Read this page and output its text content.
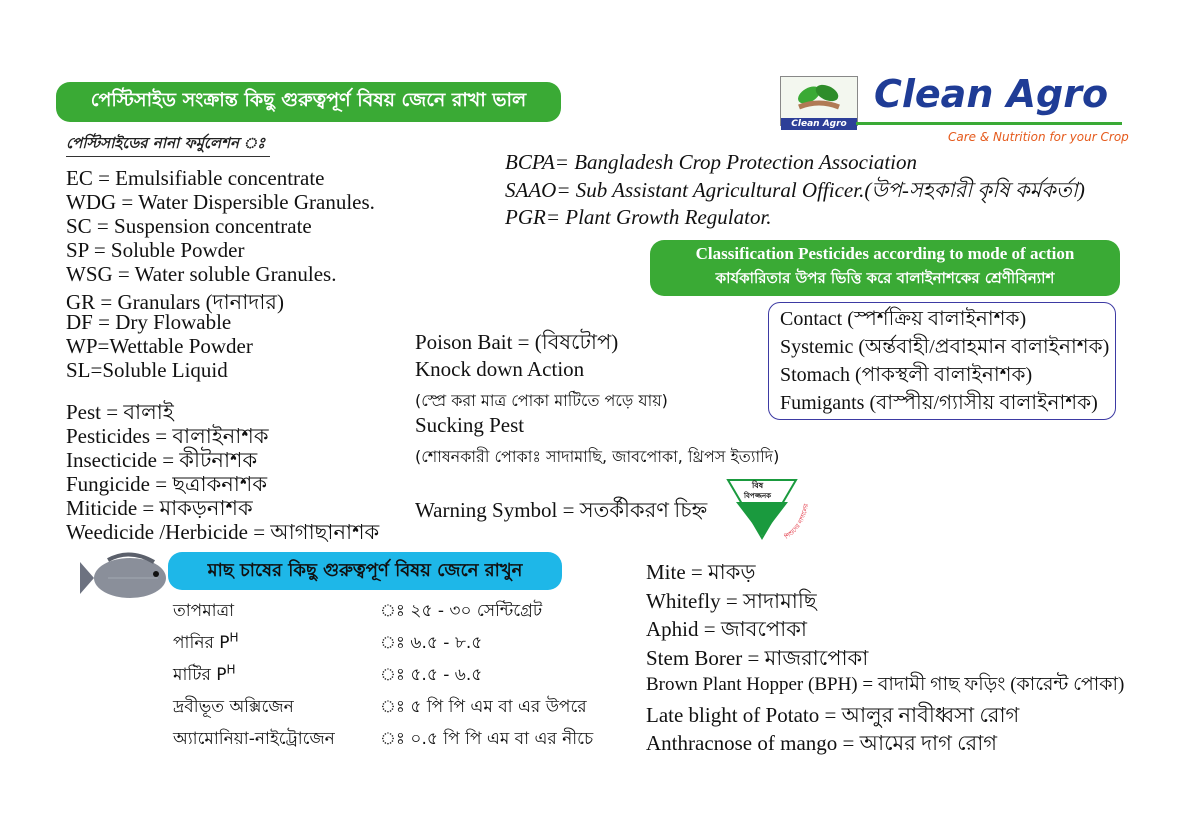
পেস্টিসাইড সংক্রান্ত কিছু গুরুত্বপূর্ণ বিষয় জেনে রাখা ভাল
পেস্টিসাইডের নানা ফর্মুলেশন ঃ
EC = Emulsifiable concentrate
WDG = Water Dispersible Granules.
SC = Suspension concentrate
SP = Soluble Powder
WSG = Water soluble Granules.
GR = Granulars (দানাদার)
DF = Dry Flowable
WP=Wettable Powder
SL=Soluble Liquid
Pest = বালাই
Pesticides = বালাইনাশক
Insecticide = কীটনাশক
Fungicide = ছত্রাকনাশক
Miticide = মাকড়নাশক
Weedicide /Herbicide = আগাছানাশক
Clean Agro
Clean Agro
Care & Nutrition for your Crop
BCPA= Bangladesh Crop Protection Association
SAAO= Sub Assistant Agricultural Officer.(উপ-সহকারী কৃষি কর্মকর্তা)
PGR= Plant Growth Regulator.
Classification Pesticides according to mode of action
কার্যকারিতার উপর ভিত্তি করে বালাইনাশকের শ্রেণীবিন্যাশ
Contact (স্পর্শক্রিয় বালাইনাশক)
Systemic (অর্ন্তবাহী/প্রবাহমান বালাইনাশক)
Stomach (পাকস্থলী বালাইনাশক)
Fumigants (বাস্পীয়/গ্যাসীয় বালাইনাশক)
Poison Bait = (বিষটোপ)
Knock down Action
(স্প্রে করা মাত্র পোকা মাটিতে পড়ে যায়)
Sucking Pest
(শোষনকারী পোকাঃ সাদামাছি, জাবপোকা, থ্রিপস ইত্যাদি)
Warning Symbol = সতর্কীকরণ চিহ্ন
শিশুদের নাগালের
বিষ
বিপজ্জনক
মাছ চাষের কিছু গুরুত্বপূর্ণ বিষয় জেনে রাখুন
তাপমাত্রা	ঃ ২৫ - ৩০ সেন্টিগ্রেট
পানির $P^H$	ঃ ৬.৫ - ৮.৫
মাটির $P^H$	ঃ ৫.৫ - ৬.৫
দ্রবীভূত অক্সিজেন	ঃ ৫ পি পি এম বা এর উপরে
অ্যামোনিয়া-নাইট্রোজেন	ঃ ০.৫ পি পি এম বা এর নীচে
Mite = মাকড়
Whitefly = সাদামাছি
Aphid = জাবপোকা
Stem Borer = মাজরাপোকা
Brown Plant Hopper (BPH) = বাদামী গাছ ফড়িং (কারেন্ট পোকা)
Late blight of Potato = আলুর নাবীধ্বসা রোগ
Anthracnose of mango = আমের দাগ রোগ
